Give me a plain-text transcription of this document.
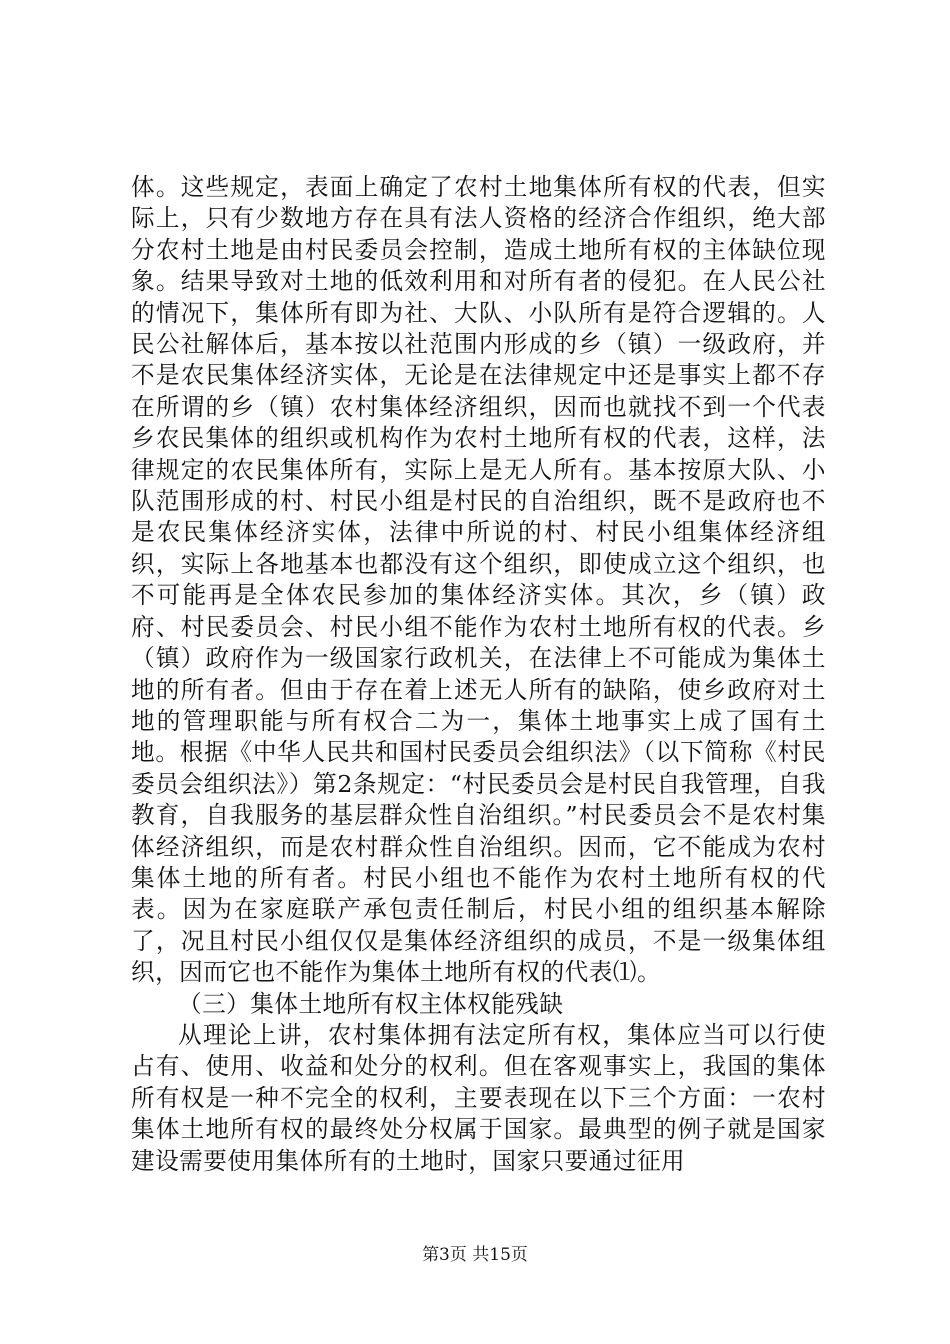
体。这些规定，表面上确定了农村土地集体所有权的代表，但实际上，只有少数地方存在具有法人资格的经济合作组织，绝大部分农村土地是由村民委员会控制，造成土地所有权的主体缺位现象。结果导致对土地的低效利用和对所有者的侵犯。在人民公社的情况下，集体所有即为社、大队、小队所有是符合逻辑的。人民公社解体后，基本按以社范围内形成的乡（镇）一级政府，并不是农民集体经济实体，无论是在法律规定中还是事实上都不存在所谓的乡（镇）农村集体经济组织，因而也就找不到一个代表乡农民集体的组织或机构作为农村土地所有权的代表，这样，法律规定的农民集体所有，实际上是无人所有。基本按原大队、小队范围形成的村、村民小组是村民的自治组织，既不是政府也不是农民集体经济实体，法律中所说的村、村民小组集体经济组织，实际上各地基本也都没有这个组织，即使成立这个组织，也不可能再是全体农民参加的集体经济实体。其次，乡（镇）政府、村民委员会、村民小组不能作为农村土地所有权的代表。乡（镇）政府作为一级国家行政机关，在法律上不可能成为集体土地的所有者。但由于存在着上述无人所有的缺陷，使乡政府对土地的管理职能与所有权合二为一，集体土地事实上成了国有土地。根据《中华人民共和国村民委员会组织法》（以下简称《村民委员会组织法》）第2条规定：“村民委员会是村民自我管理，自我教育，自我服务的基层群众性自治组织。”村民委员会不是农村集体经济组织，而是农村群众性自治组织。因而，它不能成为农村集体土地的所有者。村民小组也不能作为农村土地所有权的代表。因为在家庭联产承包责任制后，村民小组的组织基本解除了，况且村民小组仅仅是集体经济组织的成员，不是一级集体组织，因而它也不能作为集体土地所有权的代表⑴。

（三）集体土地所有权主体权能残缺

从理论上讲，农村集体拥有法定所有权，集体应当可以行使占有、使用、收益和处分的权利。但在客观事实上，我国的集体所有权是一种不完全的权利，主要表现在以下三个方面：一农村集体土地所有权的最终处分权属于国家。最典型的例子就是国家建设需要使用集体所有的土地时，国家只要通过征用

第3页 共15页
